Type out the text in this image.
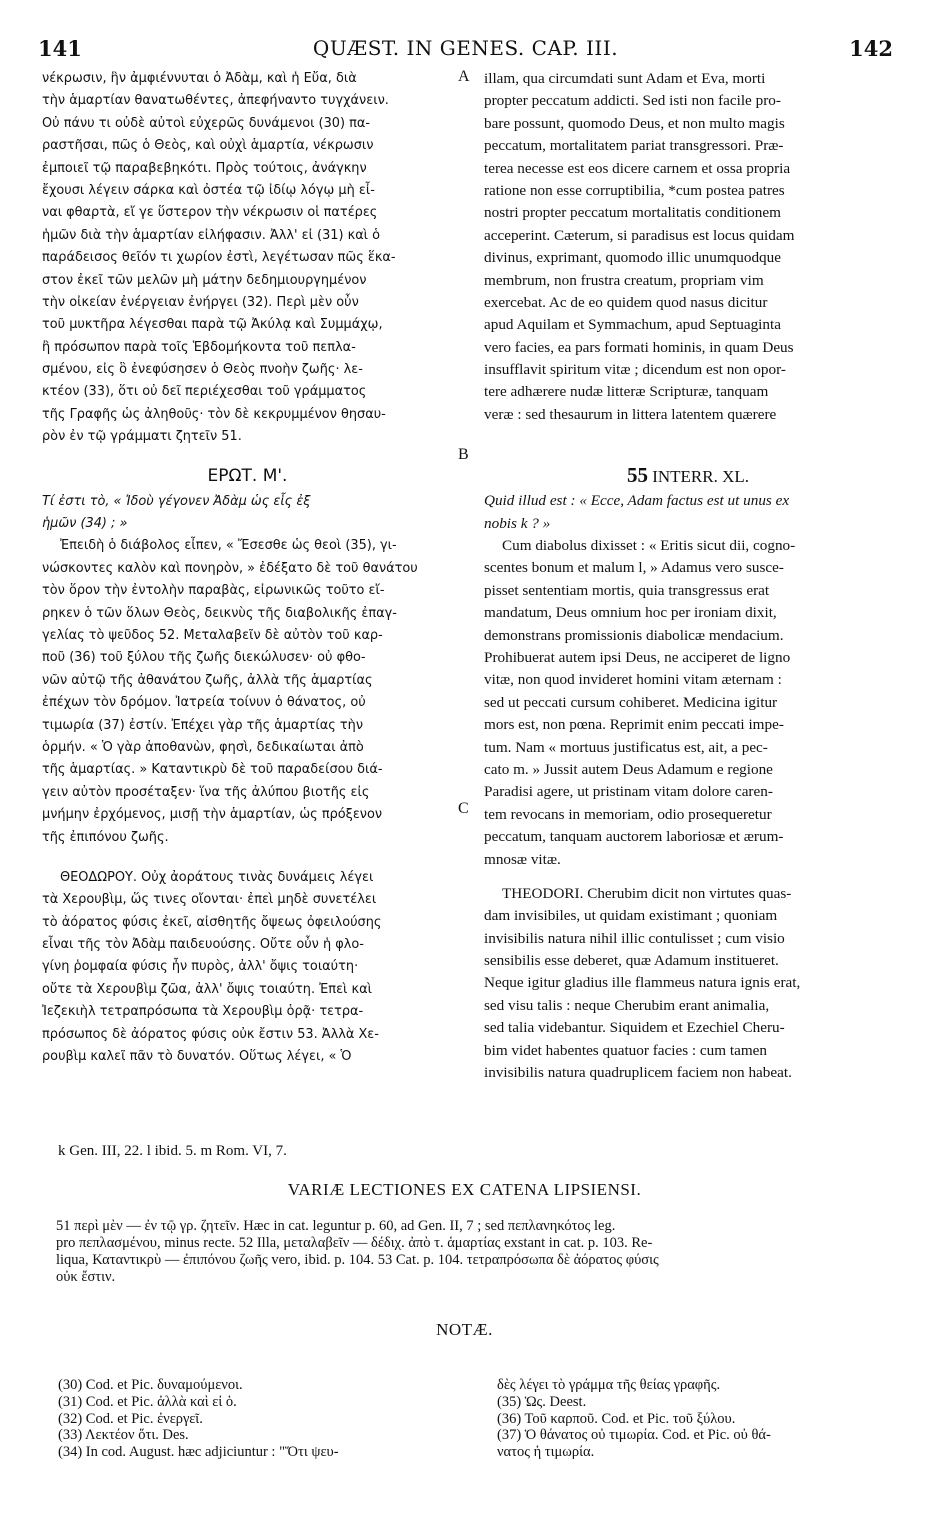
141	QUÆST. IN GENES. CAP. III.	142
νέκρωσιν, ἣν ἀμφιέννυται ὁ Ἀδὰμ, καὶ ἡ Εὔα, διὰ
τὴν ἁμαρτίαν θανατωθέντες, ἀπεφήναντο τυγχάνειν.
Οὐ πάνυ τι οὐδὲ αὐτοὶ εὐχερῶς δυνάμενοι (30) πα-
ραστῆσαι, πῶς ὁ Θεὸς, καὶ οὐχὶ ἁμαρτία, νέκρωσιν
ἐμποιεῖ τῷ παραβεβηκότι. Πρὸς τούτοις, ἀνάγκην
ἔχουσι λέγειν σάρκα καὶ ὀστέα τῷ ἰδίῳ λόγῳ μὴ εἶ-
ναι φθαρτὰ, εἴ γε ὕστερον τὴν νέκρωσιν οἱ πατέρες
ἡμῶν διὰ τὴν ἁμαρτίαν εἰλήφασιν. Ἀλλ' εἰ (31) καὶ ὁ
παράδεισος θεῖόν τι χωρίον ἐστὶ, λεγέτωσαν πῶς ἕκα-
στον ἐκεῖ τῶν μελῶν μὴ μάτην δεδημιουργημένον
τὴν οἰκείαν ἐνέργειαν ἐνήργει (32). Περὶ μὲν οὖν
τοῦ μυκτῆρα λέγεσθαι παρὰ τῷ Ἀκύλᾳ καὶ Συμμάχῳ,
ἢ πρόσωπον παρὰ τοῖς Ἑβδομήκοντα τοῦ πεπλα-
σμένου, εἰς ὃ ἐνεφύσησεν ὁ Θεὸς πνοὴν ζωῆς· λε-
κτέον (33), ὅτι οὐ δεῖ περιέχεσθαι τοῦ γράμματος
τῆς Γραφῆς ὡς ἀληθοῦς· τὸν δὲ κεκρυμμένον θησαυ-
ρὸν ἐν τῷ γράμματι ζητεῖν 51.
ΕΡΩΤ. Μ'.
Τί ἐστι τὸ, « Ἰδοὺ γέγονεν Ἀδὰμ ὡς εἷς ἐξ
ἡμῶν (34) ; »
Ἐπειδὴ ὁ διάβολος εἶπεν, « Ἔσεσθε ὡς θεοὶ (35), γι-
νώσκοντες καλὸν καὶ πονηρὸν, » ἐδέξατο δὲ τοῦ θανάτου
τὸν ὅρον τὴν ἐντολὴν παραβὰς, εἰρωνικῶς τοῦτο εἴ-
ρηκεν ὁ τῶν ὅλων Θεὸς, δεικνὺς τῆς διαβολικῆς ἐπαγ-
γελίας τὸ ψεῦδος 52. Μεταλαβεῖν δὲ αὐτὸν τοῦ καρ-
ποῦ (36) τοῦ ξύλου τῆς ζωῆς διεκώλυσεν· οὐ φθο-
νῶν αὐτῷ τῆς ἀθανάτου ζωῆς, ἀλλὰ τῆς ἁμαρτίας
ἐπέχων τὸν δρόμον. Ἰατρεία τοίνυν ὁ θάνατος, οὐ
τιμωρία (37) ἐστίν. Ἐπέχει γὰρ τῆς ἁμαρτίας τὴν
ὁρμήν. « Ὁ γὰρ ἀποθανὼν, φησὶ, δεδικαίωται ἀπὸ
τῆς ἁμαρτίας. » Καταντικρὺ δὲ τοῦ παραδείσου διά-
γειν αὐτὸν προσέταξεν· ἵνα τῆς ἀλύπου βιοτῆς εἰς
μνήμην ἐρχόμενος, μισῇ τὴν ἁμαρτίαν, ὡς πρόξενον
τῆς ἐπιπόνου ζωῆς.
ΘΕΟΔΩΡΟΥ. Οὐχ ἀοράτους τινὰς δυνάμεις λέγει
τὰ Χερουβὶμ, ὥς τινες οἴονται· ἐπεὶ μηδὲ συνετέλει
τὸ ἀόρατος φύσις ἐκεῖ, αἰσθητῆς ὄψεως ὀφειλούσης
εἶναι τῆς τὸν Ἀδὰμ παιδευούσης. Οὔτε οὖν ἡ φλο-
γίνη ῥομφαία φύσις ἦν πυρὸς, ἀλλ' ὄψις τοιαύτη·
οὔτε τὰ Χερουβὶμ ζῶα, ἀλλ' ὄψις τοιαύτη. Ἐπεὶ καὶ
Ἰεζεκιὴλ τετραπρόσωπα τὰ Χερουβὶμ ὁρᾷ· τετρα-
πρόσωπος δὲ ἀόρατος φύσις οὐκ ἔστιν 53. Ἀλλὰ Χε-
ρουβὶμ καλεῖ πᾶν τὸ δυνατόν. Οὕτως λέγει, « Ὁ
illam, qua circumdati sunt Adam et Eva, morti
propter peccatum addicti. Sed isti non facile pro-
bare possunt, quomodo Deus, et non multo magis
peccatum, mortalitatem pariat transgressori. Præ-
terea necesse est eos dicere carnem et ossa propria
ratione non esse corruptibilia, *cum postea patres
nostri propter peccatum mortalitatis conditionem
acceperint. Cæterum, si paradisus est locus quidam
divinus, exprimant, quomodo illic unumquodque
membrum, non frustra creatum, propriam vim
exercebat. Ac de eo quidem quod nasus dicitur
apud Aquilam et Symmachum, apud Septuaginta
vero facies, ea pars formati hominis, in quam Deus
insufflavit spiritum vitæ ; dicendum est non opor-
tere adhærere nudæ litteræ Scripturæ, tanquam
veræ : sed thesaurum in littera latentem quærere
55 INTERR. XL.
Quid illud est : « Ecce, Adam factus est ut unus ex
nobis k ? »
Cum diabolus dixisset : « Eritis sicut dii, cogno-
scentes bonum et malum l, » Adamus vero susce-
pisset sententiam mortis, quia transgressus erat
mandatum, Deus omnium hoc per ironiam dixit,
demonstrans promissionis diabolicæ mendacium.
Prohibuerat autem ipsi Deus, ne acciperet de ligno
vitæ, non quod invideret homini vitam æternam :
sed ut peccati cursum cohiberet. Medicina igitur
mors est, non pœna. Reprimit enim peccati impe-
tum. Nam « mortuus justificatus est, ait, a pec-
cato m. » Jussit autem Deus Adamum e regione
Paradisi agere, ut pristinam vitam dolore caren-
tem revocans in memoriam, odio prosequeretur
peccatum, tanquam auctorem laboriosæ et ærum-
mnosæ vitæ.
THEODORI. Cherubim dicit non virtutes quas-
dam invisibiles, ut quidam existimant ; quoniam
invisibilis natura nihil illic contulisset ; cum visio
sensibilis esse deberet, quæ Adamum institueret.
Neque igitur gladius ille flammeus natura ignis erat,
sed visu talis : neque Cherubim erant animalia,
sed talia videbantur. Siquidem et Ezechiel Cheru-
bim videt habentes quatuor facies : cum tamen
invisibilis natura quadruplicem faciem non habeat.
A
B
C
k Gen. III, 22. l ibid. 5. m Rom. VI, 7.
VARIÆ LECTIONES EX CATENA LIPSIENSI.
51 περὶ μὲν — ἐν τῷ γρ. ζητεῖν. Hæc in cat. leguntur p. 60, ad Gen. II, 7 ; sed πεπλανηκότος leg.
pro πεπλασμένου, minus recte. 52 Illa, μεταλαβεῖν — δέδιχ. ἀπὸ τ. ἁμαρτίας exstant in cat. p. 103. Re-
liqua, Καταντικρὺ — ἐπιπόνου ζωῆς vero, ibid. p. 104. 53 Cat. p. 104. τετραπρόσωπα δὲ ἀόρατος φύσις
οὐκ ἔστιν.
NOTÆ.
(30) Cod. et Pic. δυναμούμενοι.
(31) Cod. et Pic. ἀλλὰ καὶ εἰ ὁ.
(32) Cod. et Pic. ἐνεργεῖ.
(33) Λεκτέον ὅτι. Des.
(34) In cod. August. hæc adjiciuntur : "Ὅτι ψευ-
δὲς λέγει τὸ γράμμα τῆς θείας γραφῆς.
(35) Ὡς. Deest.
(36) Τοῦ καρποῦ. Cod. et Pic. τοῦ ξύλου.
(37) Ὁ θάνατος οὐ τιμωρία. Cod. et Pic. οὐ θά-
νατος ἡ τιμωρία.
